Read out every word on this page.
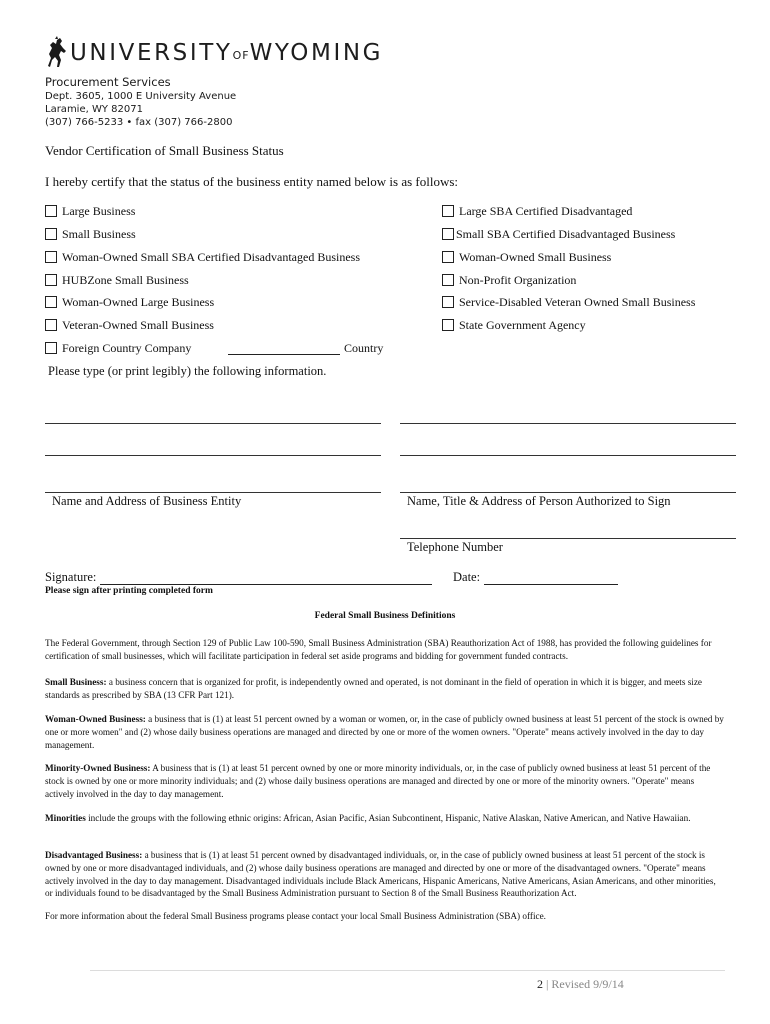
UNIVERSITYOFWYOMING
Procurement Services
Dept. 3605, 1000 E University Avenue
Laramie, WY 82071
(307) 766-5233 • fax (307) 766-2800
Vendor Certification of Small Business Status
I hereby certify that the status of the business entity named below is as follows:
Large Business
Small Business
Woman-Owned Small SBA Certified Disadvantaged Business
HUBZone Small Business
Woman-Owned Large Business
Veteran-Owned Small Business
Foreign Country Company	Country
Large SBA Certified Disadvantaged
Small SBA Certified Disadvantaged Business
Woman-Owned Small Business
Non-Profit Organization
Service-Disabled Veteran Owned Small Business
State Government Agency
Please type (or print legibly) the following information.
Name and Address of Business Entity	Name, Title & Address of Person Authorized to Sign
Telephone Number
Signature:	Date:
Please sign after printing completed form
Federal Small Business Definitions
The Federal Government, through Section 129 of Public Law 100-590, Small Business Administration (SBA) Reauthorization Act of 1988, has provided the following guidelines for certification of small businesses, which will facilitate participation in federal set aside programs and bidding for government funded contracts.
Small Business: a business concern that is organized for profit, is independently owned and operated, is not dominant in the field of operation in which it is bigger, and meets size standards as prescribed by SBA (13 CFR Part 121).
Woman-Owned Business: a business that is (1) at least 51 percent owned by a woman or women, or, in the case of publicly owned business at least 51 percent of the stock is owned by one or more women" and (2) whose daily business operations are managed and directed by one or more of the women owners. "Operate" means actively involved in the day to day management.
Minority-Owned Business: A business that is (1) at least 51 percent owned by one or more minority individuals, or, in the case of publicly owned business at least 51 percent of the stock is owned by one or more minority individuals; and (2) whose daily business operations are managed and directed by one or more of the minority owners. "Operate" means actively involved in the day to day management.
Minorities include the groups with the following ethnic origins: African, Asian Pacific, Asian Subcontinent, Hispanic, Native Alaskan, Native American, and Native Hawaiian.
Disadvantaged Business: a business that is (1) at least 51 percent owned by disadvantaged individuals, or, in the case of publicly owned business at least 51 percent of the stock is owned by one or more disadvantaged individuals, and (2) whose daily business operations are managed and directed by one or more of the disadvantaged owners. "Operate" means actively involved in the day to day management. Disadvantaged individuals include Black Americans, Hispanic Americans, Native Americans, Asian Americans, and other minorities, or individuals found to be disadvantaged by the Small Business Administration pursuant to Section 8 of the Small Business Reauthorization Act.
For more information about the federal Small Business programs please contact your local Small Business Administration (SBA) office.
2 | Revised 9/9/14
